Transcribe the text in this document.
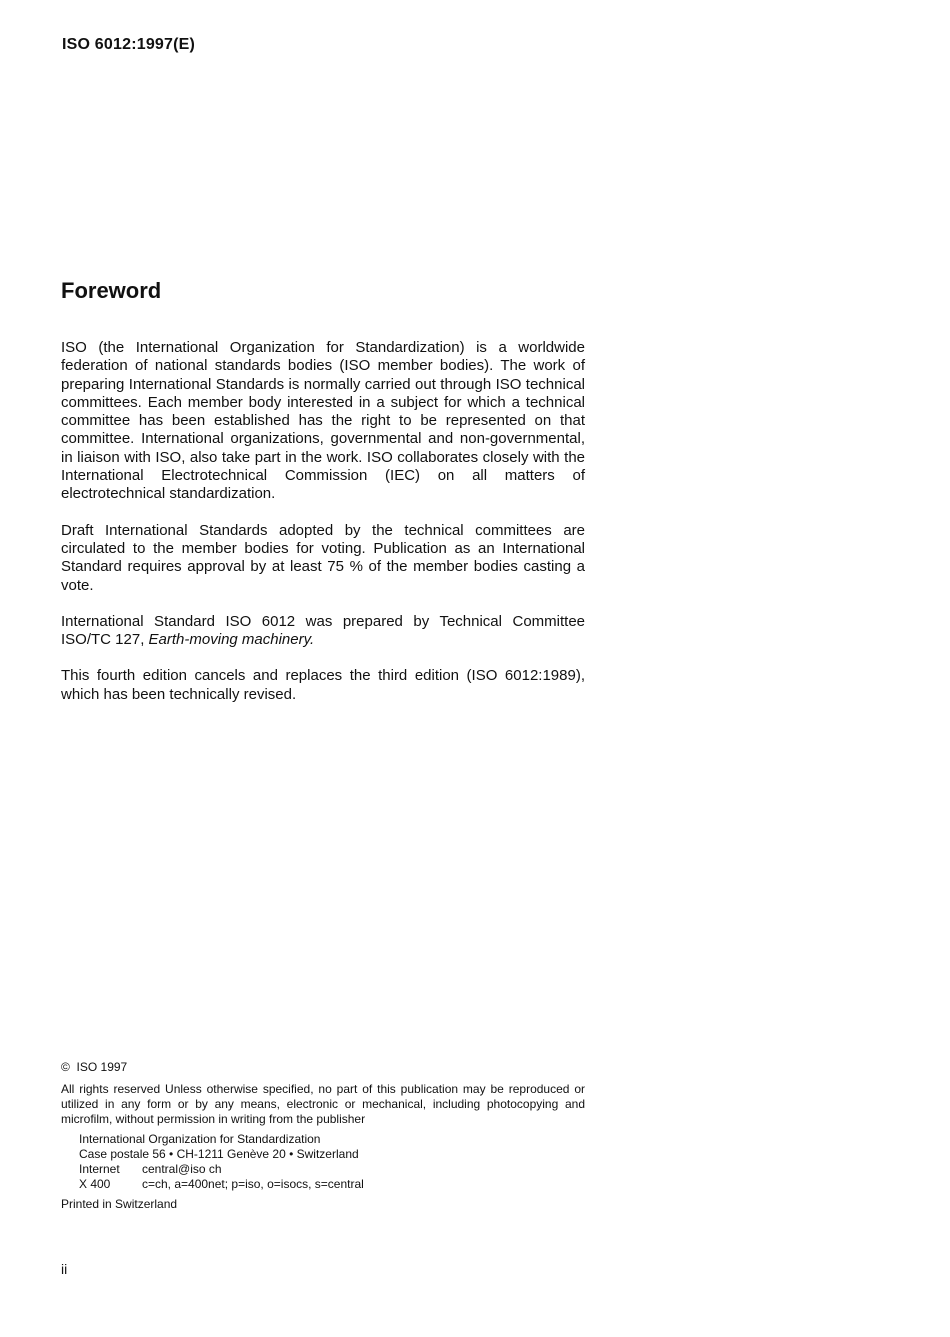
ISO 6012:1997(E)
Foreword

ISO (the International Organization for Standardization) is a worldwide federation of national standards bodies (ISO member bodies). The work of preparing International Standards is normally carried out through ISO technical committees. Each member body interested in a subject for which a technical committee has been established has the right to be represented on that committee. International organizations, governmental and non-governmental, in liaison with ISO, also take part in the work. ISO collaborates closely with the International Electrotechnical Commission (IEC) on all matters of electrotechnical standardization.

Draft International Standards adopted by the technical committees are circulated to the member bodies for voting. Publication as an International Standard requires approval by at least 75 % of the member bodies casting a vote.

International Standard ISO 6012 was prepared by Technical Committee ISO/TC 127, Earth-moving machinery.

This fourth edition cancels and replaces the third edition (ISO 6012:1989), which has been technically revised.

© ISO 1997

All rights reserved Unless otherwise specified, no part of this publication may be reproduced or utilized in any form or by any means, electronic or mechanical, including photocopying and microfilm, without permission in writing from the publisher

International Organization for Standardization
Case postale 56 • CH-1211 Genève 20 • Switzerland
Internet	central@iso ch
X 400	c=ch, a=400net; p=iso, o=isocs, s=central

Printed in Switzerland

ii
